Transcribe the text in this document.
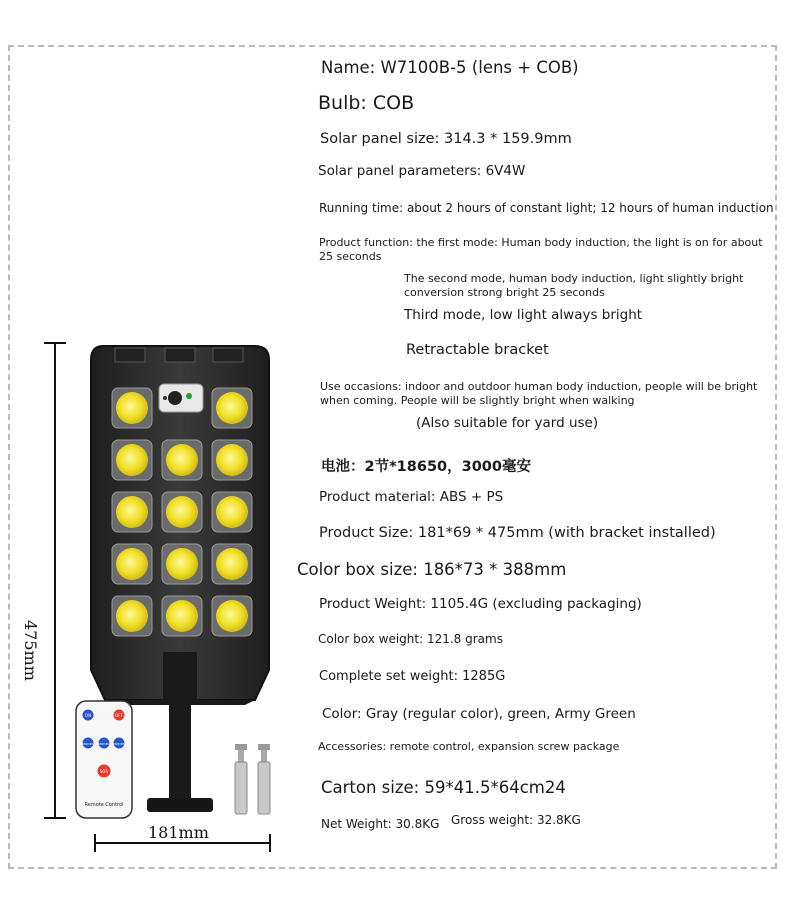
Name: W7100B-5 (lens + COB)
Bulb: COB
Solar panel size: 314.3 * 159.9mm
Solar panel parameters: 6V4W
Running time: about 2 hours of constant light; 12 hours of human induction
Product function: the first mode: Human body induction, the light is on for about 25 seconds
The second mode, human body induction, light slightly bright conversion strong bright 25 seconds
Third mode, low light always bright
Retractable bracket
Use occasions: indoor and outdoor human body induction, people will be bright when coming. People will be slightly bright when walking
(Also suitable for yard use)
电池：2节*18650，3000毫安
Product material: ABS + PS
Product Size: 181*69 * 475mm (with bracket installed)
Color box size: 186*73 * 388mm
Product Weight: 1105.4G (excluding packaging)
Color box weight: 121.8 grams
Complete set weight: 1285G
Color: Gray (regular color), green, Army Green
Accessories: remote control, expansion screw package
Carton size: 59*41.5*64cm24
Net Weight: 30.8KG Gross weight: 32.8KG
475mm
181mm
ON	OFF
MODE1 MODE2 MODE3
SOS
Remote Control
